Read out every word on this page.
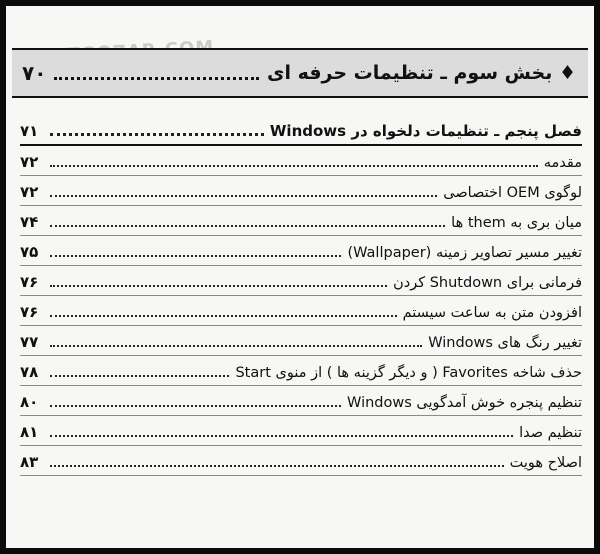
♦ بخش سوم ـ تنظیمات حرفه ای
۷۰
فصل پنجم ـ تنظیمات دلخواه در Windows
۷۱
مقدمه
۷۲
لوگوی OEM اختصاصی
۷۲
میان بری به them ها
۷۴
تغییر مسیر تصاویر زمینه (Wallpaper)
۷۵
فرمانی برای Shutdown کردن
۷۶
افزودن متن به ساعت سیستم
۷۶
تغییر رنگ های Windows
۷۷
حذف شاخه Favorites ( و دیگر گزینه ها ) از منوی Start
۷۸
تنظیم پنجره خوش آمدگویی Windows
۸۰
تنظیم صدا
۸۱
اصلاح هویت
۸۳
